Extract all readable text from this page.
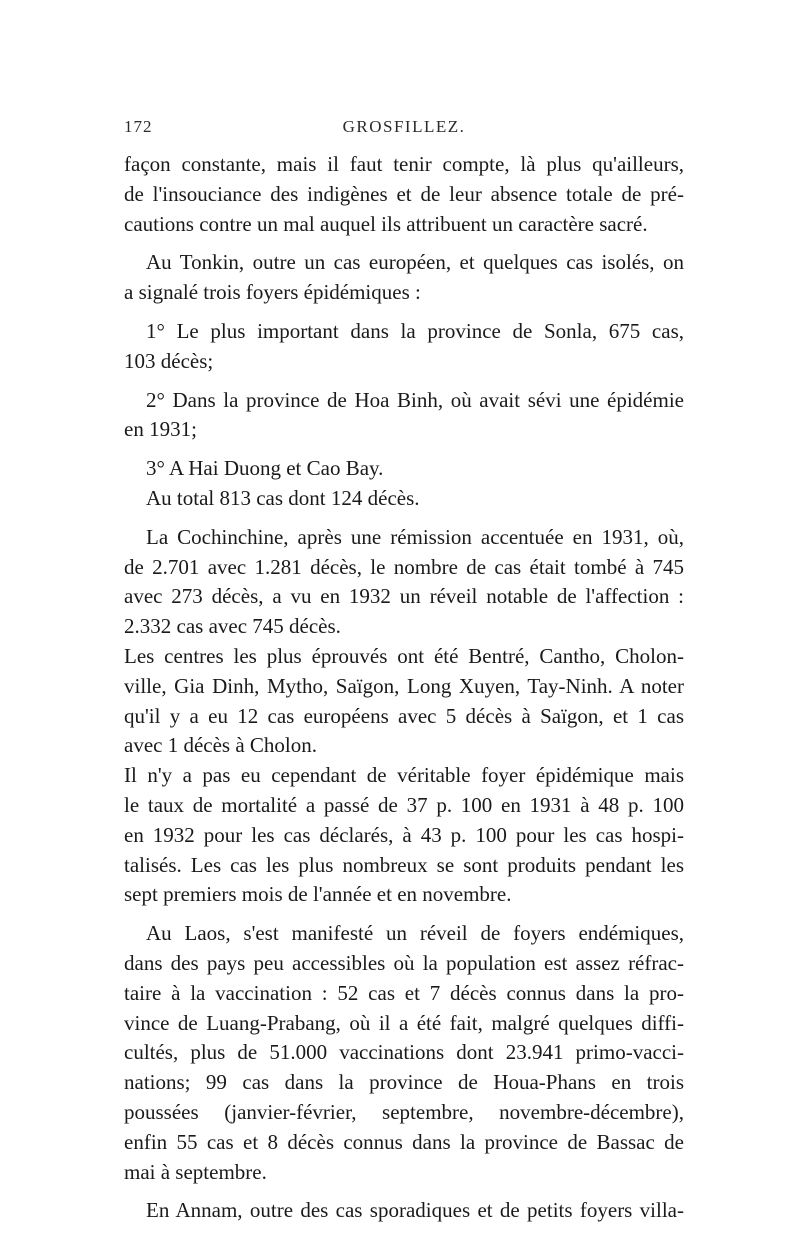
172	GROSFILLEZ.

façon constante, mais il faut tenir compte, là plus qu'ailleurs,
de l'insouciance des indigènes et de leur absence totale de pré-
cautions contre un mal auquel ils attribuent un caractère sacré.

Au Tonkin, outre un cas européen, et quelques cas isolés, on
a signalé trois foyers épidémiques :

1° Le plus important dans la province de Sonla, 675 cas,
103 décès;

2° Dans la province de Hoa Binh, où avait sévi une épidémie
en 1931;

3° A Hai Duong et Cao Bay.

Au total 813 cas dont 124 décès.

La Cochinchine, après une rémission accentuée en 1931, où,
de 2.701 avec 1.281 décès, le nombre de cas était tombé à 745
avec 273 décès, a vu en 1932 un réveil notable de l'affection :
2.332 cas avec 745 décès.

Les centres les plus éprouvés ont été Bentré, Cantho, Cholon-
ville, Gia Dinh, Mytho, Saïgon, Long Xuyen, Tay-Ninh. A noter
qu'il y a eu 12 cas européens avec 5 décès à Saïgon, et 1 cas
avec 1 décès à Cholon.

Il n'y a pas eu cependant de véritable foyer épidémique mais
le taux de mortalité a passé de 37 p. 100 en 1931 à 48 p. 100
en 1932 pour les cas déclarés, à 43 p. 100 pour les cas hospi-
talisés. Les cas les plus nombreux se sont produits pendant les
sept premiers mois de l'année et en novembre.

Au Laos, s'est manifesté un réveil de foyers endémiques,
dans des pays peu accessibles où la population est assez réfrac-
taire à la vaccination : 52 cas et 7 décès connus dans la pro-
vince de Luang-Prabang, où il a été fait, malgré quelques diffi-
cultés, plus de 51.000 vaccinations dont 23.941 primo-vacci-
nations; 99 cas dans la province de Houa-Phans en trois
poussées (janvier-février, septembre, novembre-décembre),
enfin 55 cas et 8 décès connus dans la province de Bassac de
mai à septembre.

En Annam, outre des cas sporadiques et de petits foyers villa-
